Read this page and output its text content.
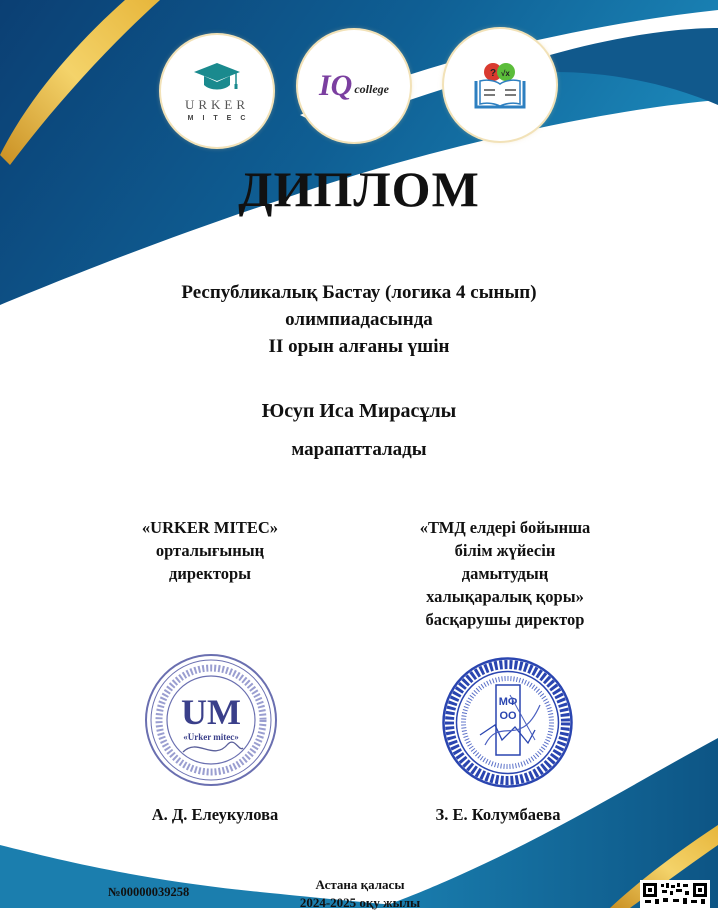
URKER
MITEC
IQ college
? √x
ДИПЛОМ
Республикалық Бастау (логика 4 сынып)
олимпиадасында
II орын алғаны үшін
Юсуп Иса Мирасұлы
марапатталады
«URKER MITEC»
орталығының
директоры
«ТМД елдері бойынша
білім жүйесін
дамытудың
халықаралық қоры»
басқарушы директор
UM
«Urker mitec»
МФ
ОО
А. Д. Елеукулова	З. Е. Колумбаева
№00000039258	Астана қаласы
2024-2025 оқу жылы
